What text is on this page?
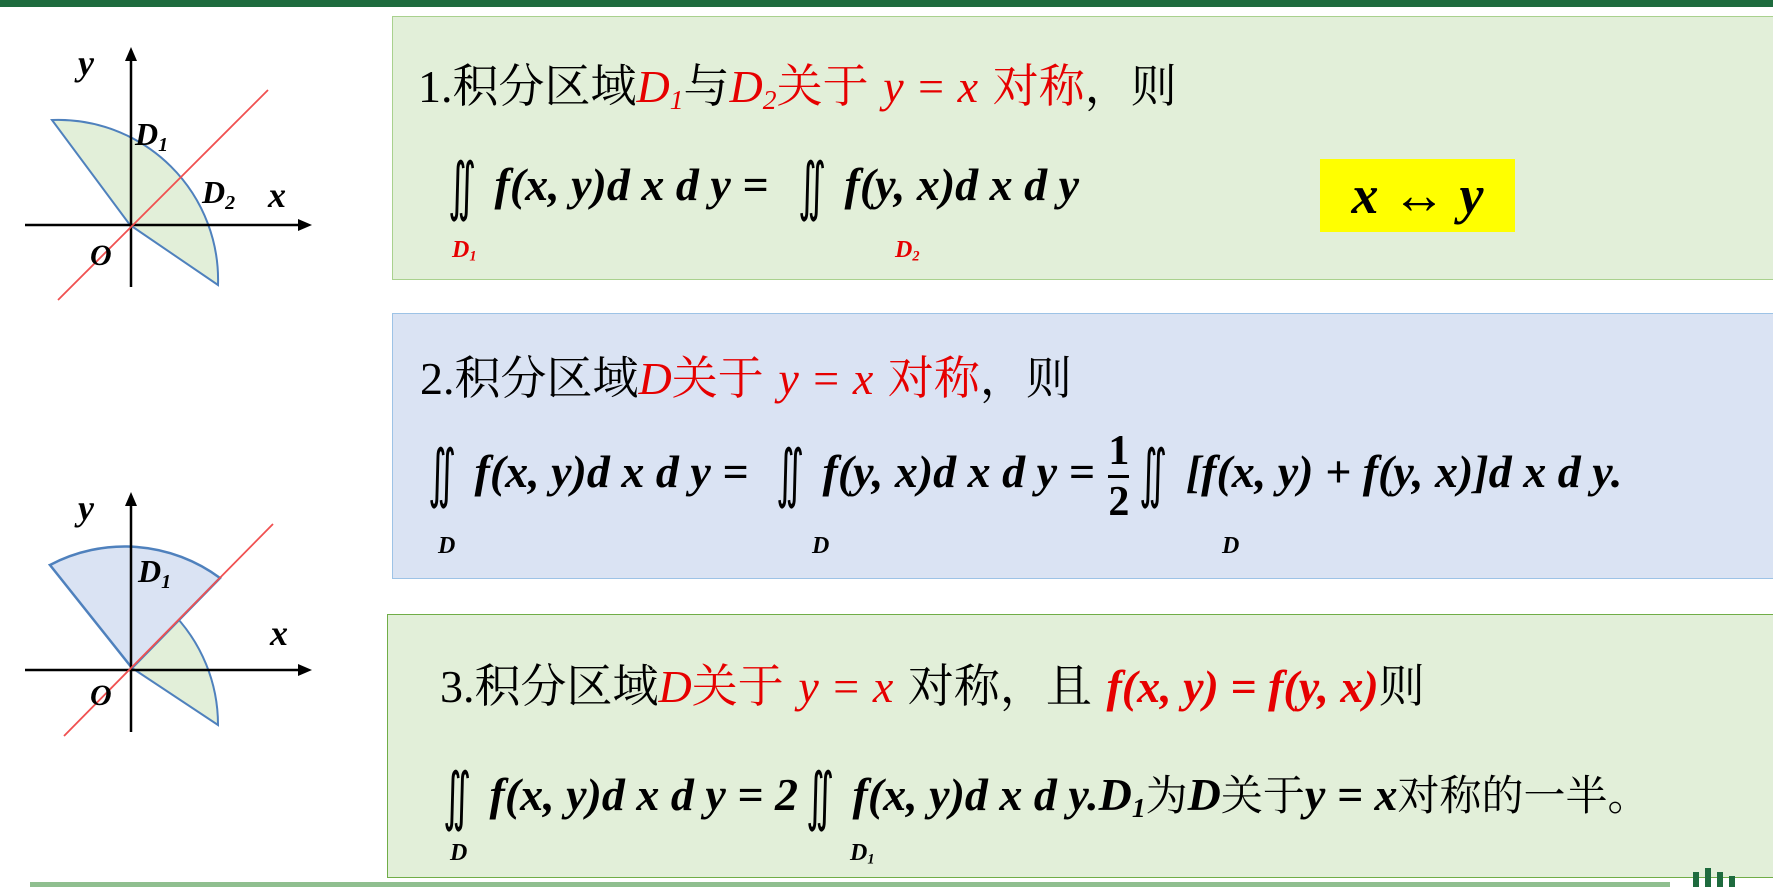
y
x
O
D1
D2
y
x
O
D1
1.积分区域$D_1$与$D_2$关于 y = x 对称，则
∬ f(x, y)d x d y = ∬ f(y, x)d x d y
$D_1$	$D_2$
x ↔ y
2.积分区域D关于 y = x 对称，则
∬ f(x, y)d x d y = ∬ f(y, x)d x d $y = \frac{1}{2}$ ∬ [f(x, y) + f(y, x)]d x d y.
D	D	D
3.积分区域D关于 y = x 对称，且 f(x, y) = f(y, x)则
∬ f(x, y)d x d y = 2 ∬ f(x, y)d x d $y.D_1$为D关于y = x对称的一半。
D	$D_1$
